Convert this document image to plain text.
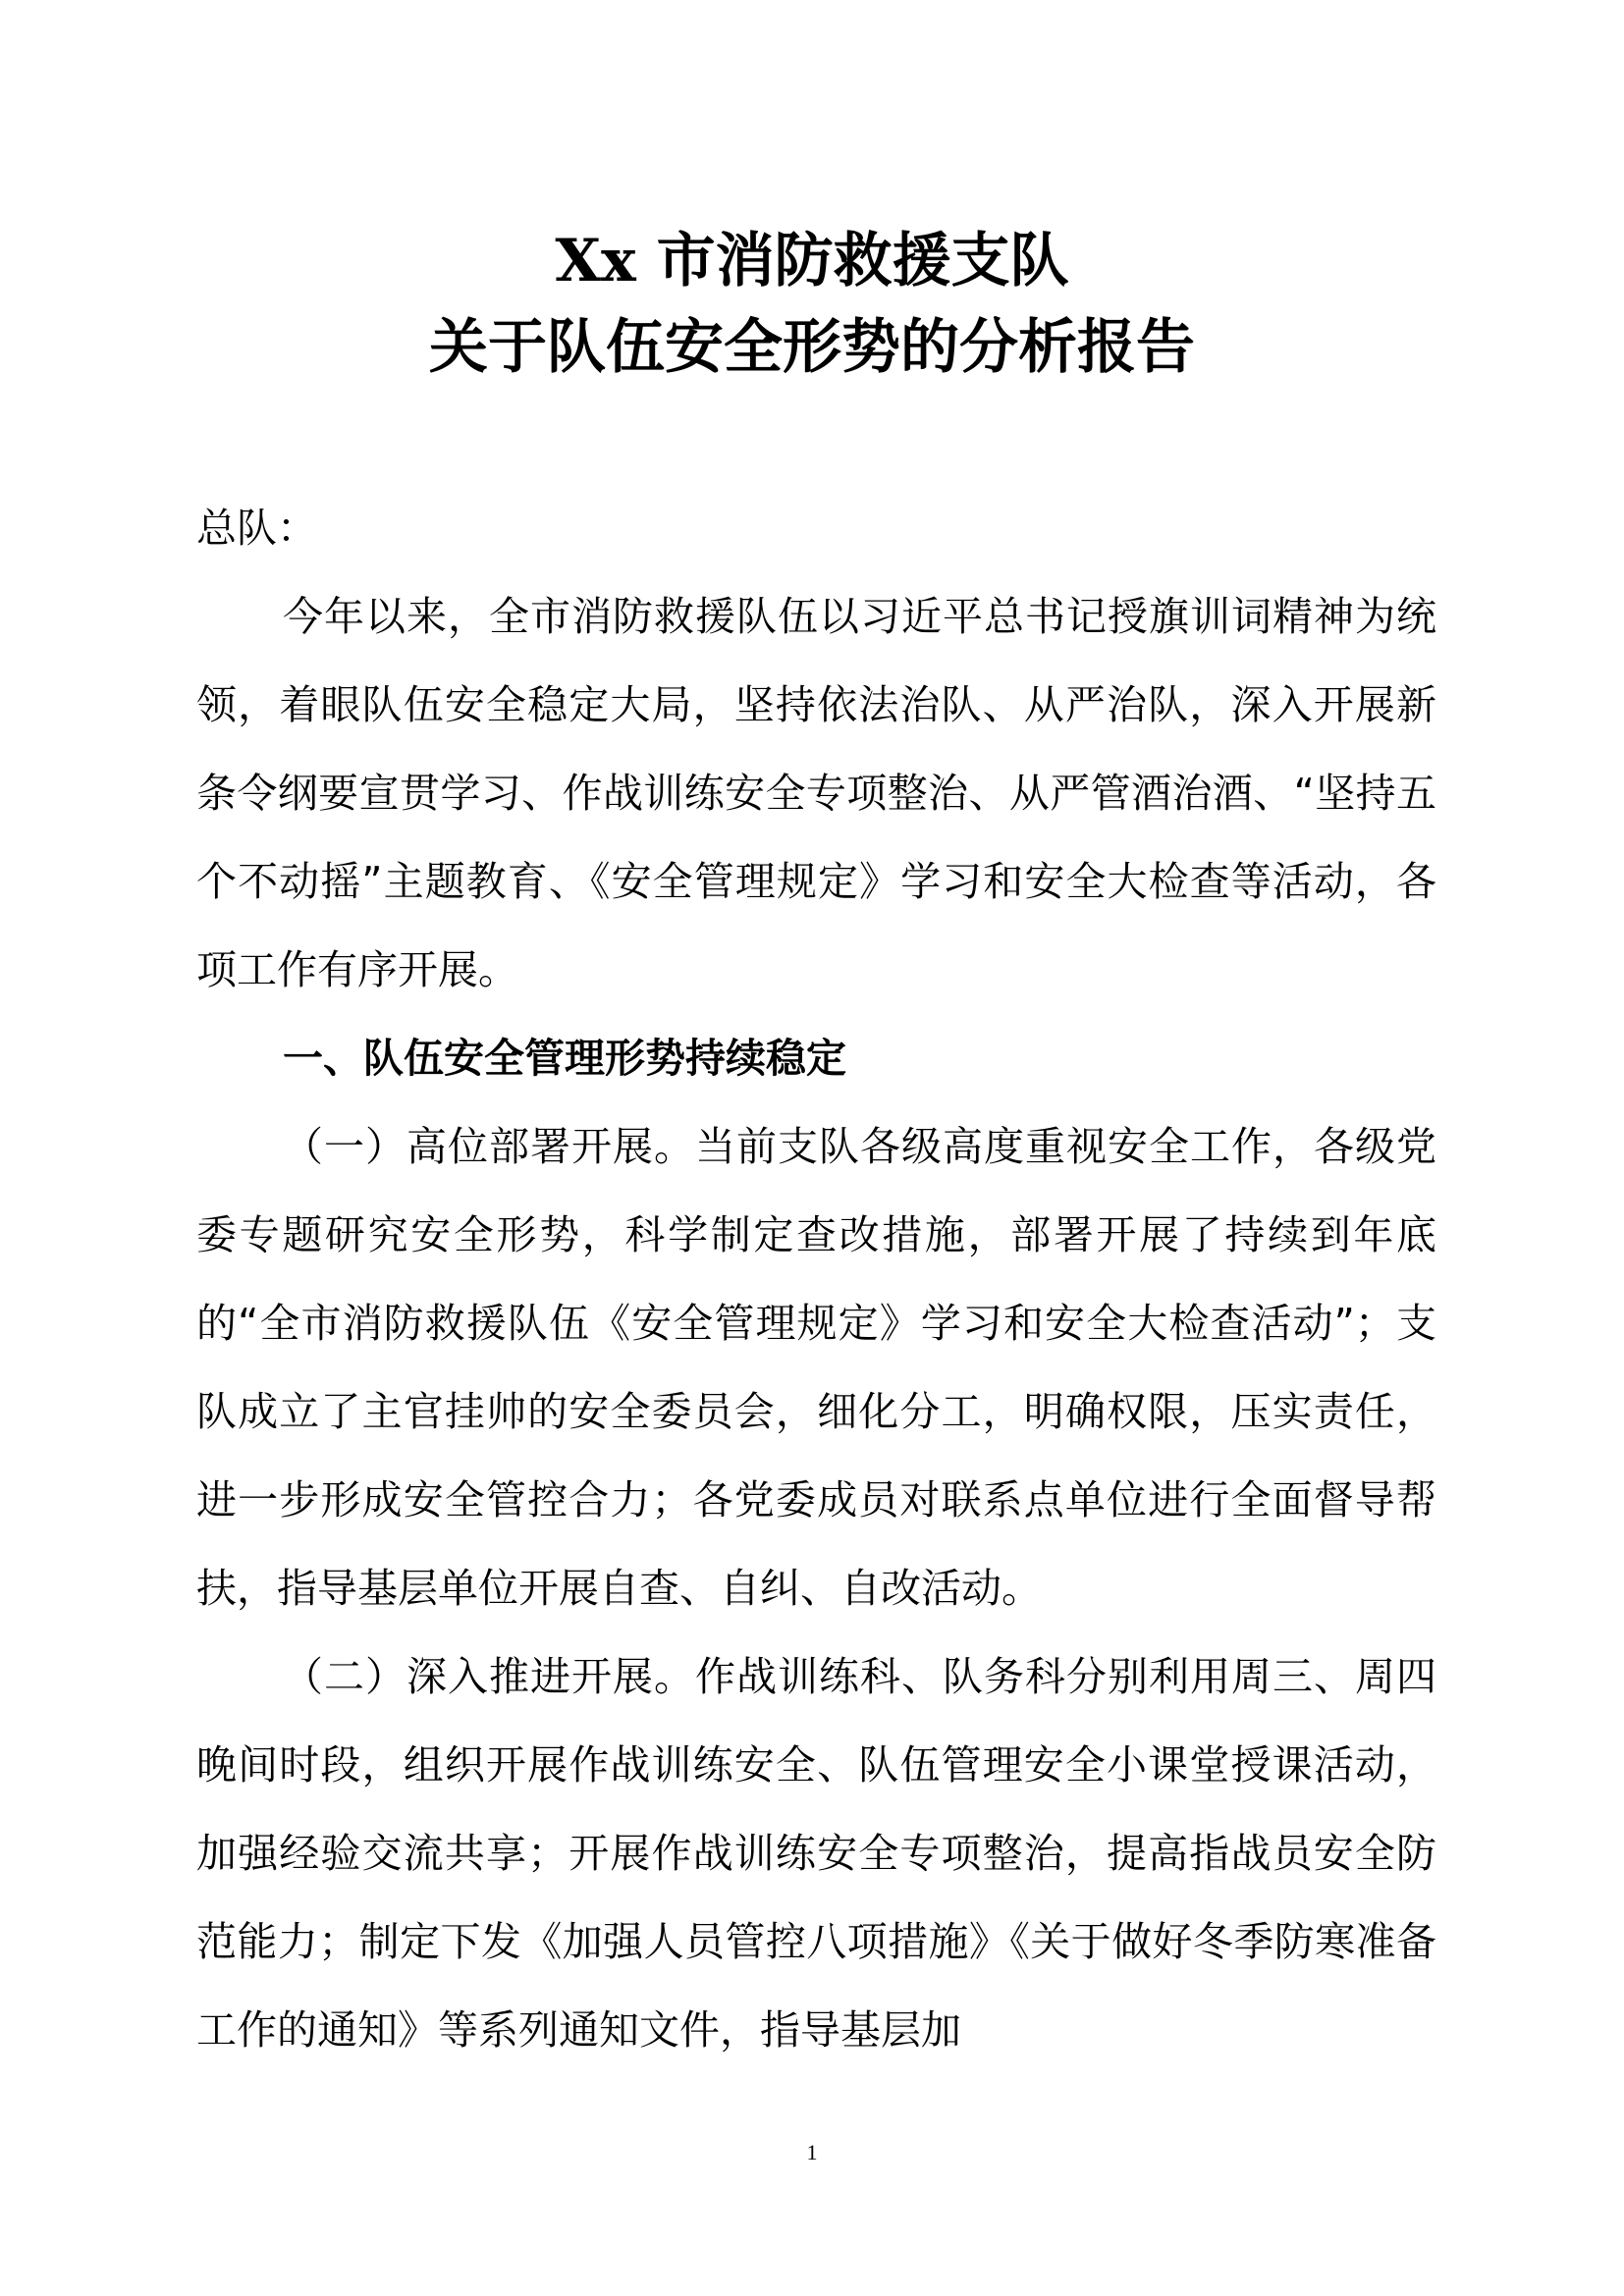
Xx 市消防救援支队
关于队伍安全形势的分析报告

总队：

今年以来，全市消防救援队伍以习近平总书记授旗训词精神为统领，着眼队伍安全稳定大局，坚持依法治队、从严治队，深入开展新条令纲要宣贯学习、作战训练安全专项整治、从严管酒治酒、“坚持五个不动摇”主题教育、《安全管理规定》学习和安全大检查等活动，各项工作有序开展。

一、队伍安全管理形势持续稳定

（一）高位部署开展。当前支队各级高度重视安全工作，各级党委专题研究安全形势，科学制定查改措施，部署开展了持续到年底的“全市消防救援队伍《安全管理规定》学习和安全大检查活动”；支队成立了主官挂帅的安全委员会，细化分工，明确权限，压实责任，进一步形成安全管控合力；各党委成员对联系点单位进行全面督导帮扶，指导基层单位开展自查、自纠、自改活动。

（二）深入推进开展。作战训练科、队务科分别利用周三、周四晚间时段，组织开展作战训练安全、队伍管理安全小课堂授课活动，加强经验交流共享；开展作战训练安全专项整治，提高指战员安全防范能力；制定下发《加强人员管控八项措施》《关于做好冬季防寒准备工作的通知》等系列通知文件，指导基层加

1
